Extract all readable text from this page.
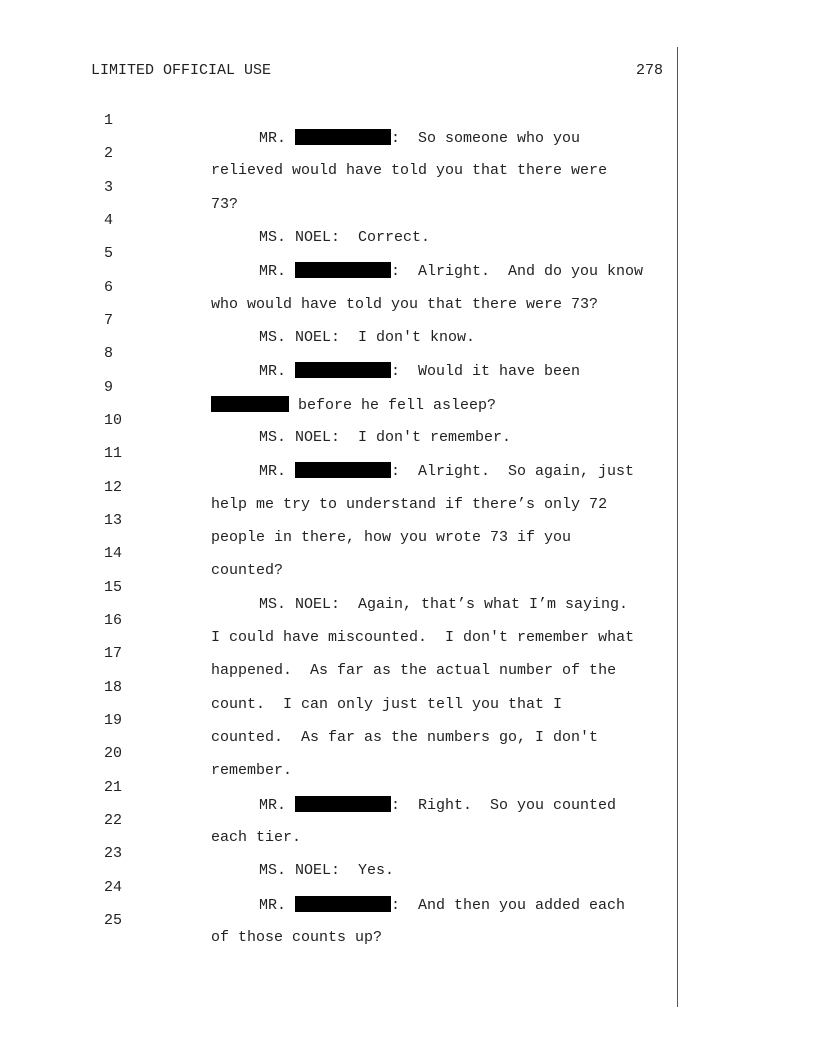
LIMITED OFFICIAL USE	278

1

MR.	:  So someone who you

2

relieved would have told you that there were

3

73?

4

MS. NOEL:  Correct.

5

MR.	:  Alright.  And do you know

6

who would have told you that there were 73?

7

MS. NOEL:  I don't know.

8

MR.	:  Would it have been

9

before he fell asleep?

10

MS. NOEL:  I don't remember.

11

MR.	:  Alright.  So again, just

12

help me try to understand if there’s only 72

13

people in there, how you wrote 73 if you

14

counted?

15

MS. NOEL:  Again, that’s what I’m saying.

16

I could have miscounted.  I don't remember what

17

happened.  As far as the actual number of the

18

count.  I can only just tell you that I

19

counted.  As far as the numbers go, I don't

20

remember.

21

MR.	:  Right.  So you counted

22

each tier.

23

MS. NOEL:  Yes.

24

MR.	:  And then you added each

25

of those counts up?
